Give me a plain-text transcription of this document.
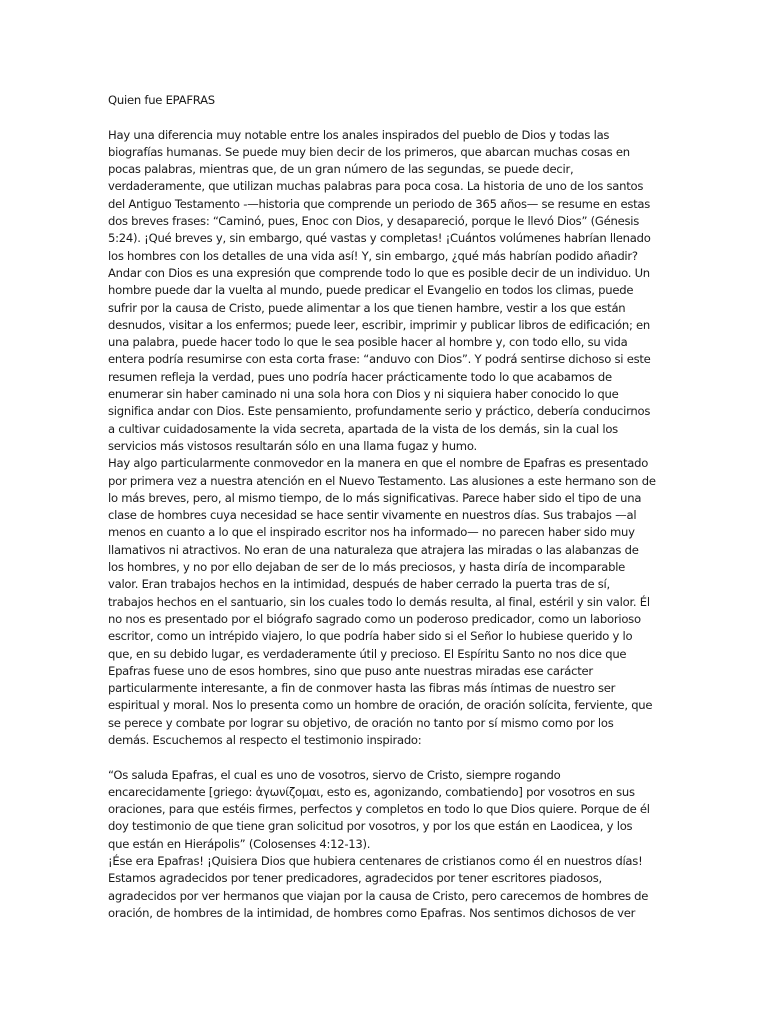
Quien fue EPAFRAS

Hay una diferencia muy notable entre los anales inspirados del pueblo de Dios y todas las biografías humanas. Se puede muy bien decir de los primeros, que abarcan muchas cosas en pocas palabras, mientras que, de un gran número de las segundas, se puede decir, verdaderamente, que utilizan muchas palabras para poca cosa. La historia de uno de los santos del Antiguo Testamento -—historia que comprende un periodo de 365 años— se resume en estas dos breves frases: “Caminó, pues, Enoc con Dios, y desapareció, porque le llevó Dios” (Génesis 5:24). ¡Qué breves y, sin embargo, qué vastas y completas! ¡Cuántos volúmenes habrían llenado los hombres con los detalles de una vida así! Y, sin embargo, ¿qué más habrían podido añadir? Andar con Dios es una expresión que comprende todo lo que es posible decir de un individuo. Un hombre puede dar la vuelta al mundo, puede predicar el Evangelio en todos los climas, puede sufrir por la causa de Cristo, puede alimentar a los que tienen hambre, vestir a los que están desnudos, visitar a los enfermos; puede leer, escribir, imprimir y publicar libros de edificación; en una palabra, puede hacer todo lo que le sea posible hacer al hombre y, con todo ello, su vida entera podría resumirse con esta corta frase: “anduvo con Dios”. Y podrá sentirse dichoso si este resumen refleja la verdad, pues uno podría hacer prácticamente todo lo que acabamos de enumerar sin haber caminado ni una sola hora con Dios y ni siquiera haber conocido lo que significa andar con Dios. Este pensamiento, profundamente serio y práctico, debería conducirnos a cultivar cuidadosamente la vida secreta, apartada de la vista de los demás, sin la cual los servicios más vistosos resultarán sólo en una llama fugaz y humo.

Hay algo particularmente conmovedor en la manera en que el nombre de Epafras es presentado por primera vez a nuestra atención en el Nuevo Testamento. Las alusiones a este hermano son de lo más breves, pero, al mismo tiempo, de lo más significativas. Parece haber sido el tipo de una clase de hombres cuya necesidad se hace sentir vivamente en nuestros días. Sus trabajos —al menos en cuanto a lo que el inspirado escritor nos ha informado— no parecen haber sido muy llamativos ni atractivos. No eran de una naturaleza que atrajera las miradas o las alabanzas de los hombres, y no por ello dejaban de ser de lo más preciosos, y hasta diría de incomparable valor. Eran trabajos hechos en la intimidad, después de haber cerrado la puerta tras de sí, trabajos hechos en el santuario, sin los cuales todo lo demás resulta, al final, estéril y sin valor. Él no nos es presentado por el biógrafo sagrado como un poderoso predicador, como un laborioso escritor, como un intrépido viajero, lo que podría haber sido si el Señor lo hubiese querido y lo que, en su debido lugar, es verdaderamente útil y precioso. El Espíritu Santo no nos dice que Epafras fuese uno de esos hombres, sino que puso ante nuestras miradas ese carácter particularmente interesante, a fin de conmover hasta las fibras más íntimas de nuestro ser espiritual y moral. Nos lo presenta como un hombre de oración, de oración solícita, ferviente, que se perece y combate por lograr su objetivo, de oración no tanto por sí mismo como por los demás. Escuchemos al respecto el testimonio inspirado:

“Os saluda Epafras, el cual es uno de vosotros, siervo de Cristo, siempre rogando encarecidamente [griego: ἀγωνίζομαι, esto es, agonizando, combatiendo] por vosotros en sus oraciones, para que estéis firmes, perfectos y completos en todo lo que Dios quiere. Porque de él doy testimonio de que tiene gran solicitud por vosotros, y por los que están en Laodicea, y los que están en Hierápolis” (Colosenses 4:12-13).

¡Ése era Epafras! ¡Quisiera Dios que hubiera centenares de cristianos como él en nuestros días! Estamos agradecidos por tener predicadores, agradecidos por tener escritores piadosos, agradecidos por ver hermanos que viajan por la causa de Cristo, pero carecemos de hombres de oración, de hombres de la intimidad, de hombres como Epafras. Nos sentimos dichosos de ver
